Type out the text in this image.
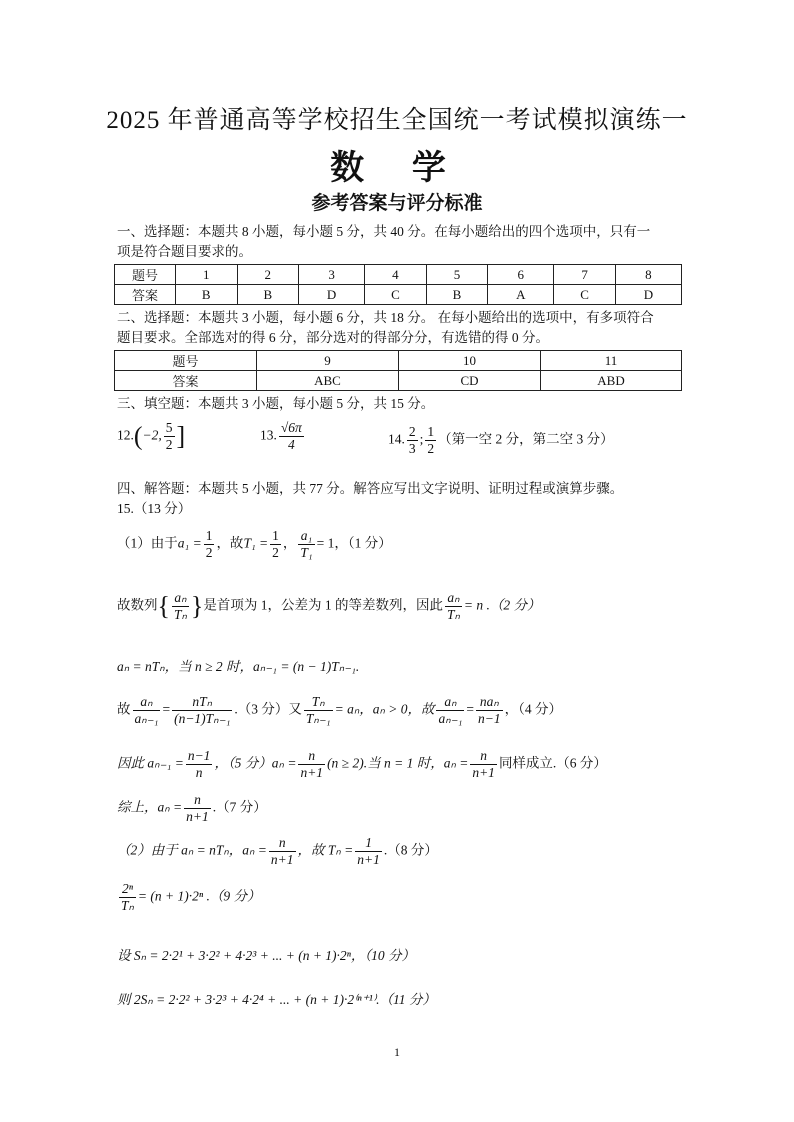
2025 年普通高等学校招生全国统一考试模拟演练一
数 学
参考答案与评分标准
一、选择题：本题共 8 小题，每小题 5 分，共 40 分。在每小题给出的四个选项中，只有一
项是符合题目要求的。
题号	1	2	3	4	5	6	7	8
答案	B	B	D	C	B	A	C	D
二、选择题：本题共 3 小题，每小题 6 分，共 18 分。 在每小题给出的选项中，有多项符合
题目要求。全部选对的得 6 分，部分选对的得部分分，有选错的得 0 分。
题号	9	10	11
答案	ABC	CD	ABD
三、填空题：本题共 3 小题，每小题 5 分，共 15 分。
12.(−2, $\frac{5}{2}$ ]	13. $\frac{√6\pi}{4}$	14. $\frac{2}{3}$ ; $\frac{1}{2}$ （第一空 2 分，第二空 3 分）
四、解答题：本题共 5 小题，共 77 分。解答应写出文字说明、证明过程或演算步骤。
15.（13 分）
（1）由于$a_1 = \frac{1}{2}$ ，故$T_1 = \frac{1}{2}$ ， $\frac{\text{a₁}}{\text{T₁}} = 1$，（1 分）
故数列{ $\frac{\text{aₙ}}{\text{Tₙ}}$ }是首项为 1，公差为 1 的等差数列，因此 $\frac{\text{aₙ}}{\text{Tₙ}} = n$ .（2 分）
aₙ = nTₙ，当 n ≥ 2 时，aₙ₋₁ = (n − 1)Tₙ₋₁.
故 $\frac{\text{aₙ}}{\text{aₙ₋₁}} = \frac{\text{nTₙ}}{\text{(n−1)Tₙ₋₁}} .(3$ 分）又 $\frac{\text{Tₙ}}{\text{Tₙ₋₁}} = a_n$，aₙ > 0，故 $\frac{\text{aₙ}}{\text{aₙ₋₁}} = \frac{\text{naₙ}}{n-1}$ ，（4 分）
因此 $a_{n-1} = \frac{n-1}{n}$ ，（5 分）$a_n = \frac{n}{n+1} (n \ge 2)$.当 n = 1 时，$a_n = \frac{n}{n+1}$ 同样成立.（6 分）
综上，$a_n = \frac{n}{n+1} .(7$ 分）
（2）由于 aₙ = nTₙ，$a_n = \frac{n}{n+1}$ ，故 $T_n = \frac{1}{n+1} .(8$ 分）
$\frac{\text{2ⁿ}}{\text{Tₙ}} = (n + 1)\cdot 2^n$ .（9 分）
设 Sₙ = 2·2¹ + 3·2² + 4·2³ + ... + (n + 1)·2ⁿ，（10 分）
则 2Sₙ = 2·2² + 3·2³ + 4·2⁴ + ... + (n + 1)·2⁽ⁿ⁺¹⁾.（11 分）
1
